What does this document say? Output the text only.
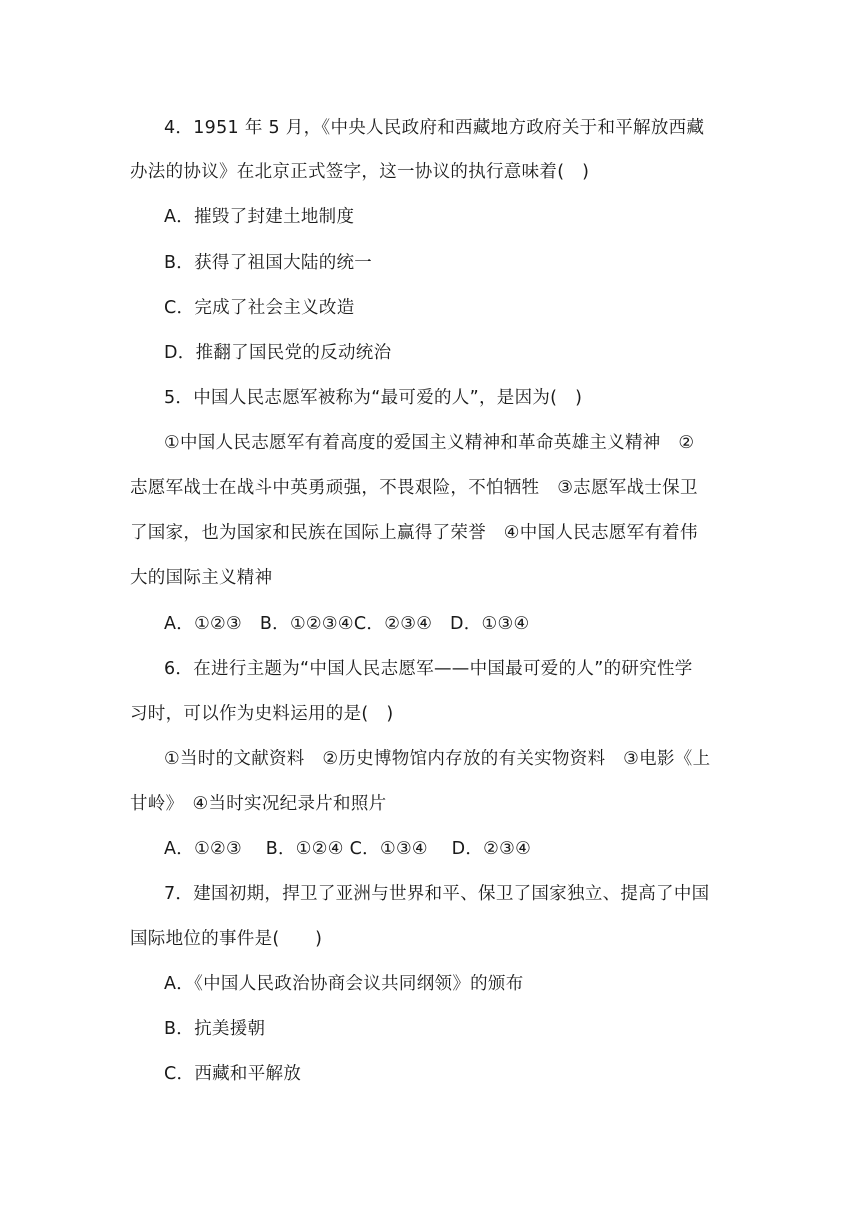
4．1951 年 5 月，《中央人民政府和西藏地方政府关于和平解放西藏
办法的协议》在北京正式签字，这一协议的执行意味着(　)
A．摧毁了封建土地制度
B．获得了祖国大陆的统一
C．完成了社会主义改造
D．推翻了国民党的反动统治
5．中国人民志愿军被称为“最可爱的人”，是因为(　)
①中国人民志愿军有着高度的爱国主义精神和革命英雄主义精神　②
志愿军战士在战斗中英勇顽强，不畏艰险，不怕牺牲　③志愿军战士保卫
了国家，也为国家和民族在国际上赢得了荣誉　④中国人民志愿军有着伟
大的国际主义精神
A．①②③　B．①②③④C．②③④　D．①③④
6．在进行主题为“中国人民志愿军——中国最可爱的人”的研究性学
习时，可以作为史料运用的是(　)
①当时的文献资料　②历史博物馆内存放的有关实物资料　③电影《上
甘岭》　④当时实况纪录片和照片
A．①②③　 B．①②④ C．①③④　 D．②③④
7．建国初期，捍卫了亚洲与世界和平、保卫了国家独立、提高了中国
国际地位的事件是(　　)
A．《中国人民政治协商会议共同纲领》的颁布
B．抗美援朝
C．西藏和平解放
